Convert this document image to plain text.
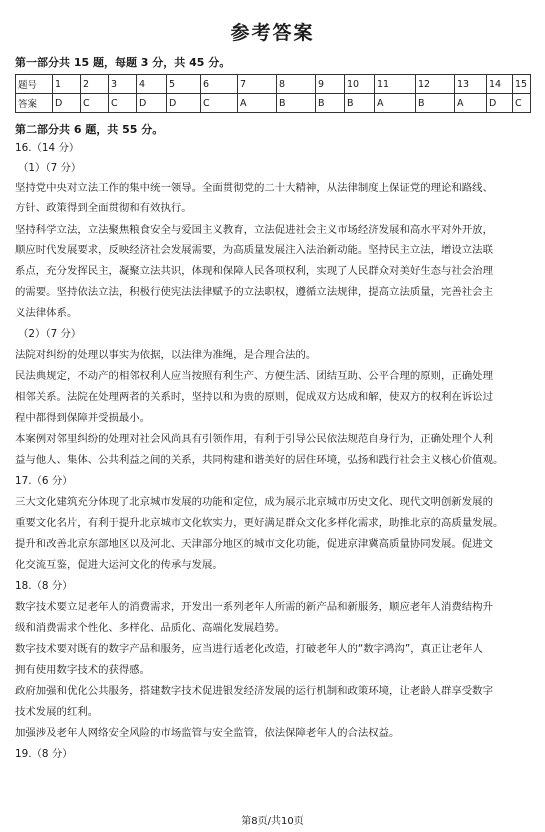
参考答案
第一部分共 15 题，每题 3 分，共 45 分。
题号	1	2	3	4	5	6	7	8	9	10	11	12	13	14	15
答案	D	C	C	D	D	C	A	B	B	B	A	B	A	D	C
第二部分共 6 题，共 55 分。
16.（14 分）
（1）（7 分）
坚持党中央对立法工作的集中统一领导。全面贯彻党的二十大精神，从法律制度上保证党的理论和路线、
方针、政策得到全面贯彻和有效执行。
坚持科学立法，立法聚焦粮食安全与爱国主义教育，立法促进社会主义市场经济发展和高水平对外开放，
顺应时代发展要求，反映经济社会发展需要，为高质量发展注入法治新动能。坚持民主立法，增设立法联
系点，充分发挥民主，凝聚立法共识，体现和保障人民各项权利，实现了人民群众对美好生态与社会治理
的需要。坚持依法立法，积极行使宪法法律赋予的立法职权，遵循立法规律，提高立法质量，完善社会主
义法律体系。
（2）（7 分）
法院对纠纷的处理以事实为依据，以法律为准绳，是合理合法的。
民法典规定，不动产的相邻权利人应当按照有利生产、方便生活、团结互助、公平合理的原则，正确处理
相邻关系。法院在处理两者的关系时，坚持以和为贵的原则，促成双方达成和解，使双方的权利在诉讼过
程中都得到保障并受损最小。
本案例对邻里纠纷的处理对社会风尚具有引领作用，有利于引导公民依法规范自身行为，正确处理个人利
益与他人、集体、公共利益之间的关系，共同构建和谐美好的居住环境，弘扬和践行社会主义核心价值观。
17.（6 分）
三大文化建筑充分体现了北京城市发展的功能和定位，成为展示北京城市历史文化、现代文明创新发展的
重要文化名片，有利于提升北京城市文化软实力，更好满足群众文化多样化需求，助推北京的高质量发展。
提升和改善北京东部地区以及河北、天津部分地区的城市文化功能，促进京津冀高质量协同发展。促进文
化交流互鉴，促进大运河文化的传承与发展。
18.（8 分）
数字技术要立足老年人的消费需求，开发出一系列老年人所需的新产品和新服务，顺应老年人消费结构升
级和消费需求个性化、多样化、品质化、高端化发展趋势。
数字技术要对既有的数字产品和服务，应当进行适老化改造，打破老年人的“数字鸿沟”，真正让老年人
拥有使用数字技术的获得感。
政府加强和优化公共服务，搭建数字技术促进银发经济发展的运行机制和政策环境，让老龄人群享受数字
技术发展的红利。
加强涉及老年人网络安全风险的市场监管与安全监管，依法保障老年人的合法权益。
19.（8 分）
第8页/共10页
